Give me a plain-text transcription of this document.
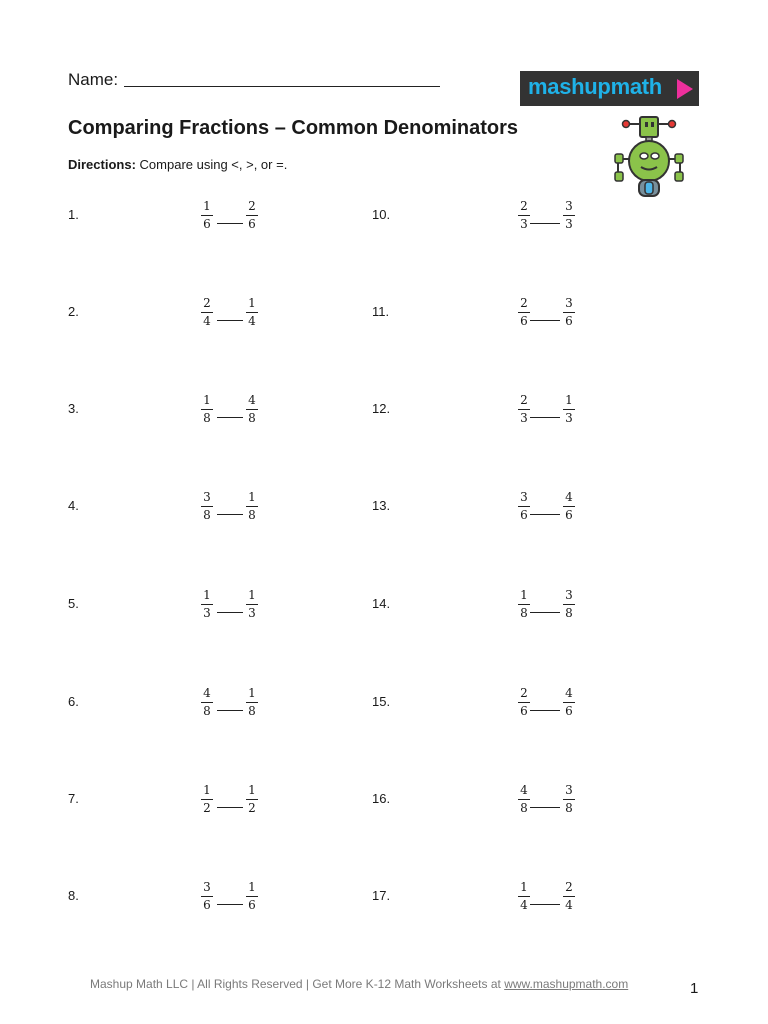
Name:	mashupmath
Comparing Fractions – Common Denominators
Directions: Compare using <, >, or =.
1.
1
6
2
6
2.
2
4
1
4
3.
1
8
4
8
4.
3
8
1
8
5.
1
3
1
3
6.
4
8
1
8
7.
1
2
1
2
8.
3
6
1
6
10.
2
3
3
3
11.
2
6
3
6
12.
2
3
1
3
13.
3
6
4
6
14.
1
8
3
8
15.
2
6
4
6
16.
4
8
3
8
17.
1
4
2
4
Mashup Math LLC | All Rights Reserved | Get More K-12 Math Worksheets at www.mashupmath.com	1
